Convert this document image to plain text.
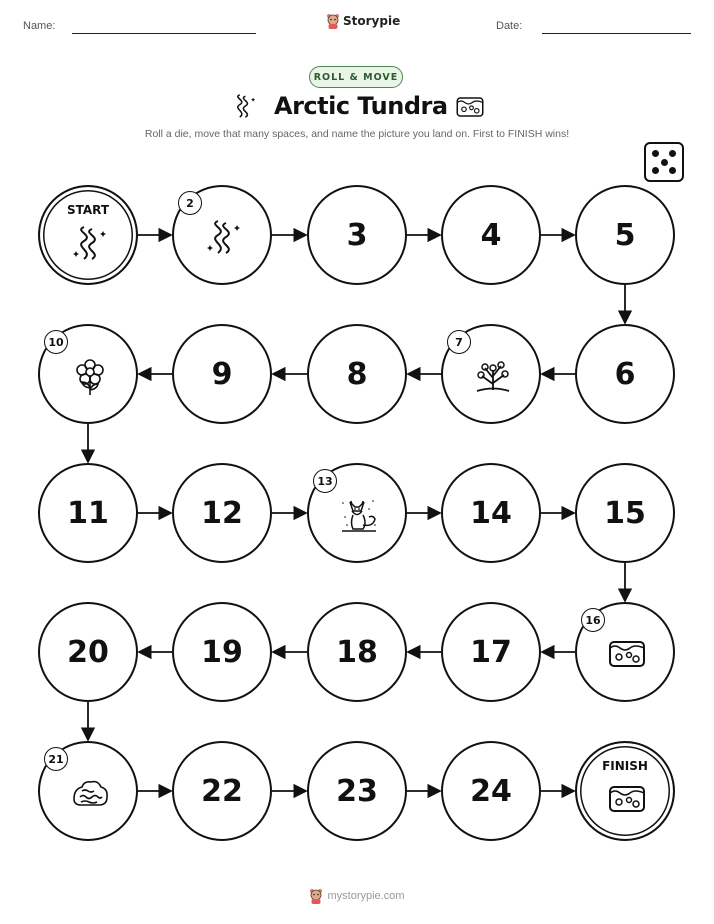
Name:	Storypie	Date:
ROLL & MOVE
Arctic Tundra
Roll a die, move that many spaces, and name the picture you land on. First to FINISH wins!
START	2
3	4	5
6
7
8
9
10
11	12
13
14	15
16
17
18
19
20
21
22	23	24
FINISH
mystorypie.com
